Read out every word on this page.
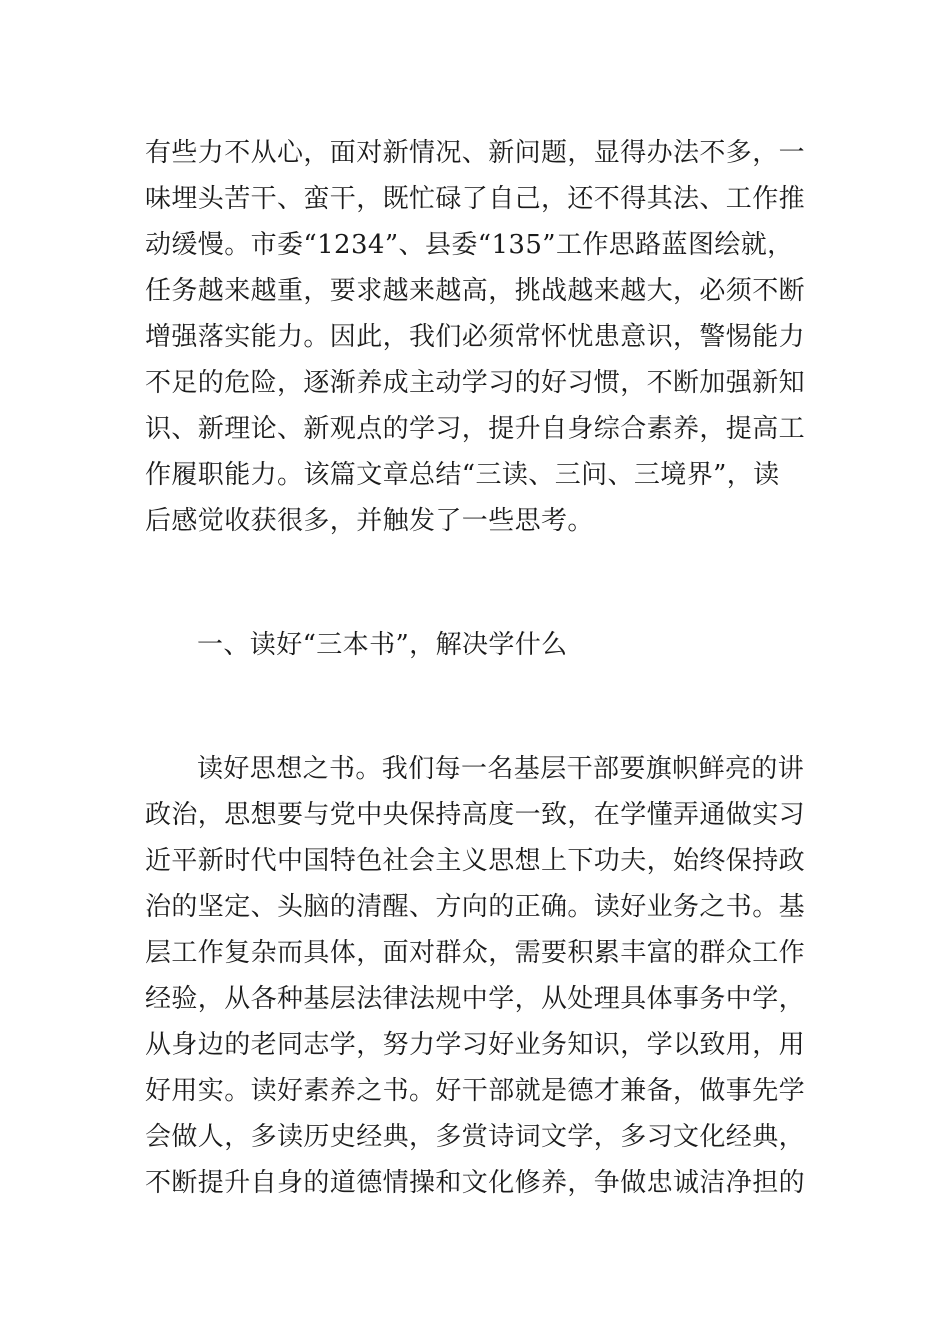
有些力不从心，面对新情况、新问题，显得办法不多，一
味埋头苦干、蛮干，既忙碌了自己，还不得其法、工作推
动缓慢。市委“1234”、县委“135”工作思路蓝图绘就，
任务越来越重，要求越来越高，挑战越来越大，必须不断
增强落实能力。因此，我们必须常怀忧患意识，警惕能力
不足的危险，逐渐养成主动学习的好习惯，不断加强新知
识、新理论、新观点的学习，提升自身综合素养，提高工
作履职能力。该篇文章总结“三读、三问、三境界”，读
后感觉收获很多，并触发了一些思考。
一、读好“三本书”，解决学什么
读好思想之书。我们每一名基层干部要旗帜鲜亮的讲
政治，思想要与党中央保持高度一致，在学懂弄通做实习
近平新时代中国特色社会主义思想上下功夫，始终保持政
治的坚定、头脑的清醒、方向的正确。读好业务之书。基
层工作复杂而具体，面对群众，需要积累丰富的群众工作
经验，从各种基层法律法规中学，从处理具体事务中学，
从身边的老同志学，努力学习好业务知识，学以致用，用
好用实。读好素养之书。好干部就是德才兼备，做事先学
会做人，多读历史经典，多赏诗词文学，多习文化经典，
不断提升自身的道德情操和文化修养，争做忠诚洁净担的
